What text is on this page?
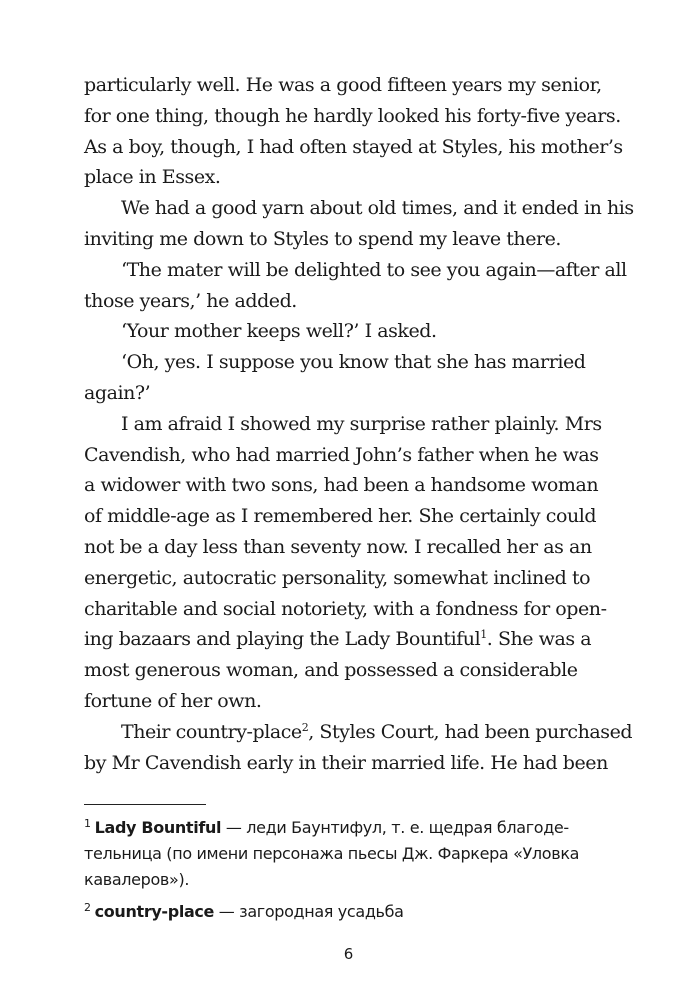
particularly well. He was a good fifteen years my senior,
for one thing, though he hardly looked his forty-five years.
As a boy, though, I had often stayed at Styles, his mother’s
place in Essex.
We had a good yarn about old times, and it ended in his
inviting me down to Styles to spend my leave there.
‘The mater will be delighted to see you again—after all
those years,’ he added.
‘Your mother keeps well?’ I asked.
‘Oh, yes. I suppose you know that she has married
again?’
I am afraid I showed my surprise rather plainly. Mrs
Cavendish, who had married John’s father when he was
a widower with two sons, had been a handsome woman
of middle-age as I remembered her. She certainly could
not be a day less than seventy now. I recalled her as an
energetic, autocratic personality, somewhat inclined to
charitable and social notoriety, with a fondness for open-
ing bazaars and playing the Lady Bountiful$^1$. She was a
most generous woman, and possessed a considerable
fortune of her own.
Their country-place$^2$, Styles Court, had been purchased
by Mr Cavendish early in their married life. He had been
$^1$ Lady Bountiful — леди Баунтифул, т. е. щедрая благоде-
тельница (по имени персонажа пьесы Дж. Фаркера «Уловка
кавалеров»).
$^2$ country-place — загородная усадьба
6
